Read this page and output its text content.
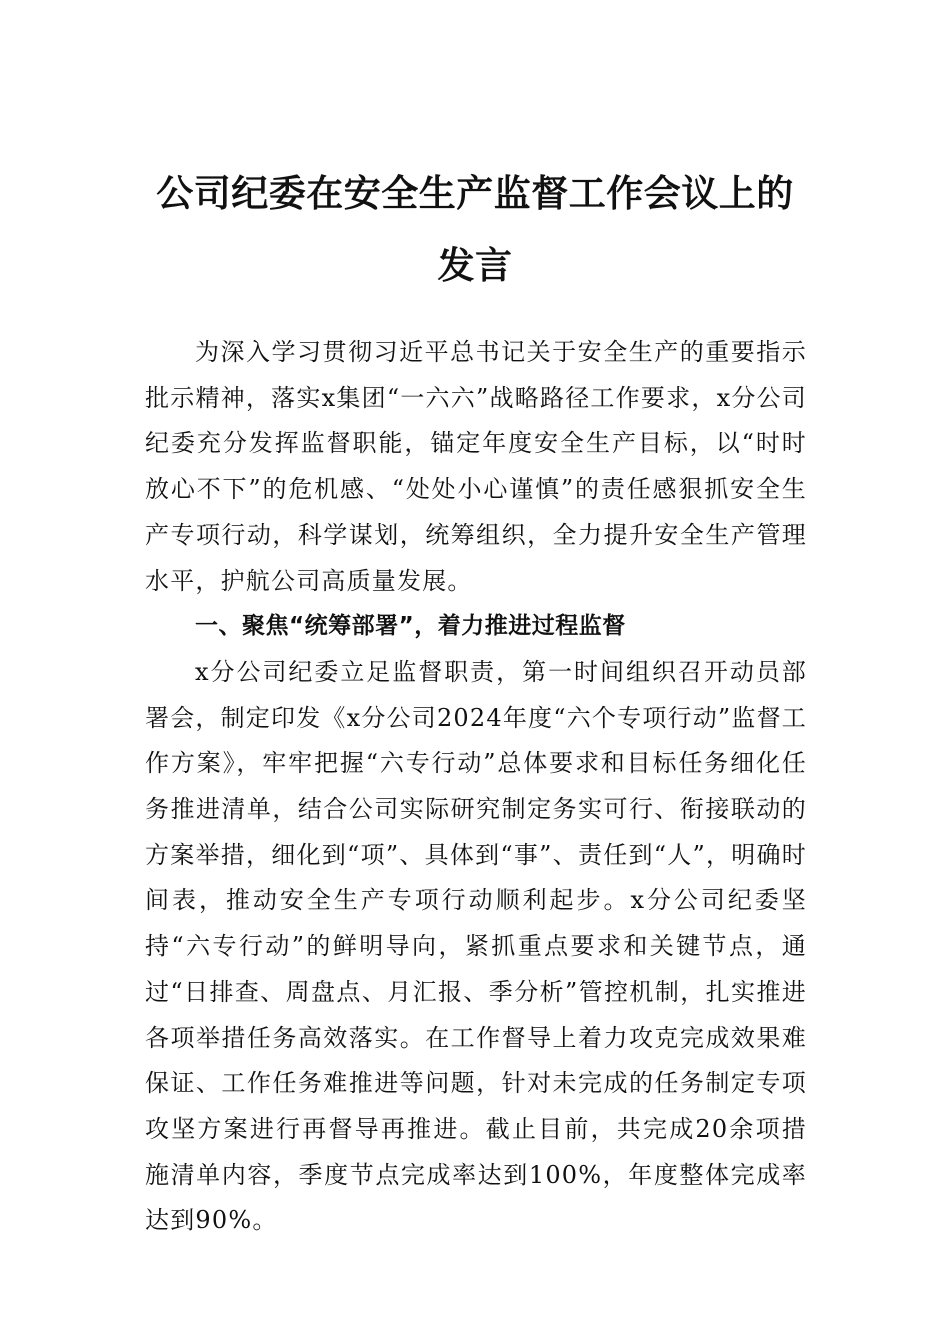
公司纪委在安全生产监督工作会议上的发言

为深入学习贯彻习近平总书记关于安全生产的重要指示批示精神，落实x集团“一六六”战略路径工作要求，x分公司纪委充分发挥监督职能，锚定年度安全生产目标，以“时时放心不下”的危机感、“处处小心谨慎”的责任感狠抓安全生产专项行动，科学谋划，统筹组织，全力提升安全生产管理水平，护航公司高质量发展。

一、聚焦“统筹部署”，着力推进过程监督

x分公司纪委立足监督职责，第一时间组织召开动员部署会，制定印发《x分公司2024年度“六个专项行动”监督工作方案》，牢牢把握“六专行动”总体要求和目标任务细化任务推进清单，结合公司实际研究制定务实可行、衔接联动的方案举措，细化到“项”、具体到“事”、责任到“人”，明确时间表，推动安全生产专项行动顺利起步。x分公司纪委坚持“六专行动”的鲜明导向，紧抓重点要求和关键节点，通过“日排查、周盘点、月汇报、季分析”管控机制，扎实推进各项举措任务高效落实。在工作督导上着力攻克完成效果难保证、工作任务难推进等问题，针对未完成的任务制定专项攻坚方案进行再督导再推进。截止目前，共完成20余项措施清单内容，季度节点完成率达到100%，年度整体完成率达到90%。
